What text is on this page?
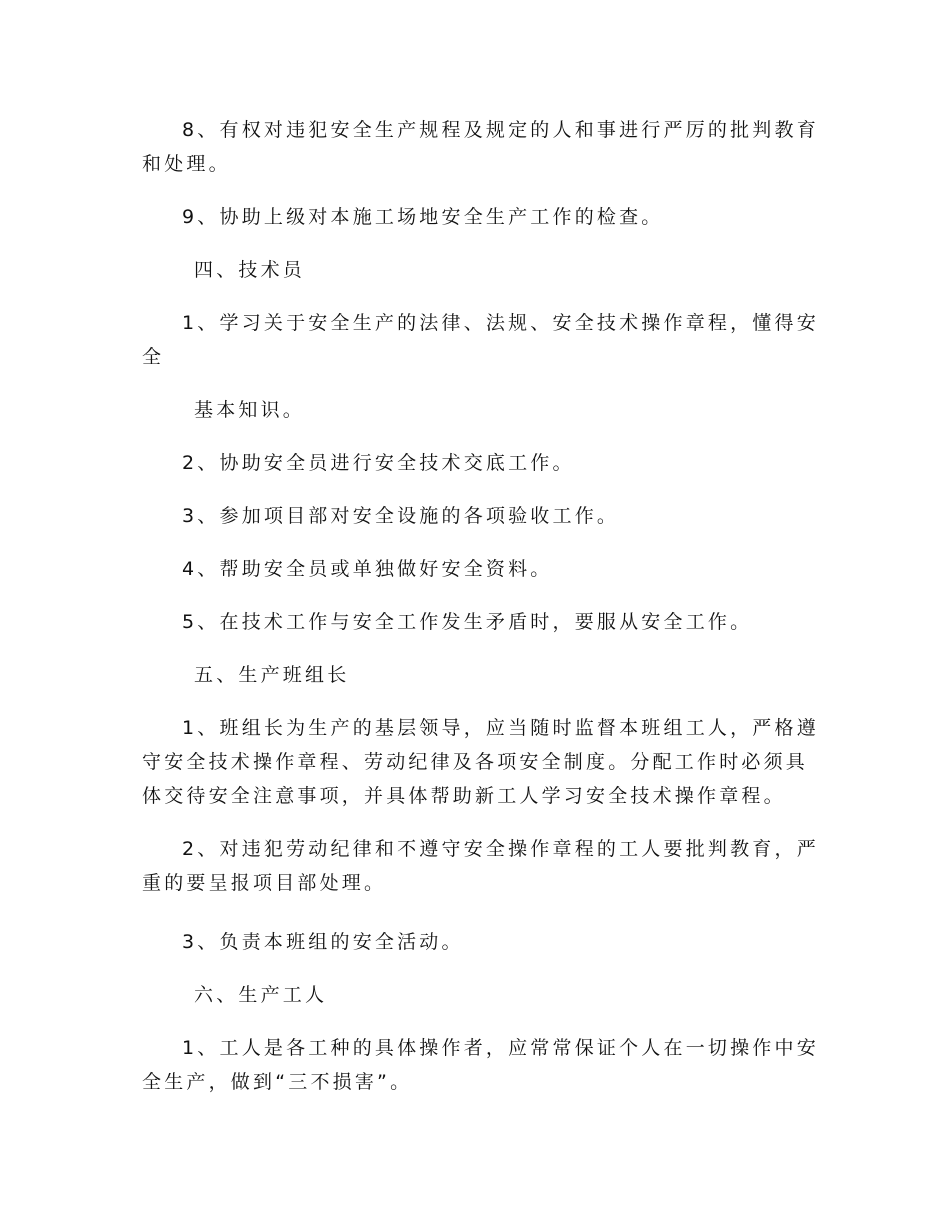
8、有权对违犯安全生产规程及规定的人和事进行严厉的批判教育
和处理。
9、协助上级对本施工场地安全生产工作的检查。
四、技术员
1、学习关于安全生产的法律、法规、安全技术操作章程，懂得安
全
基本知识。
2、协助安全员进行安全技术交底工作。
3、参加项目部对安全设施的各项验收工作。
4、帮助安全员或单独做好安全资料。
5、在技术工作与安全工作发生矛盾时，要服从安全工作。
五、生产班组长
1、班组长为生产的基层领导，应当随时监督本班组工人，严格遵
守安全技术操作章程、劳动纪律及各项安全制度。分配工作时必须具
体交待安全注意事项，并具体帮助新工人学习安全技术操作章程。
2、对违犯劳动纪律和不遵守安全操作章程的工人要批判教育，严
重的要呈报项目部处理。
3、负责本班组的安全活动。
六、生产工人
1、工人是各工种的具体操作者，应常常保证个人在一切操作中安
全生产，做到“三不损害”。
